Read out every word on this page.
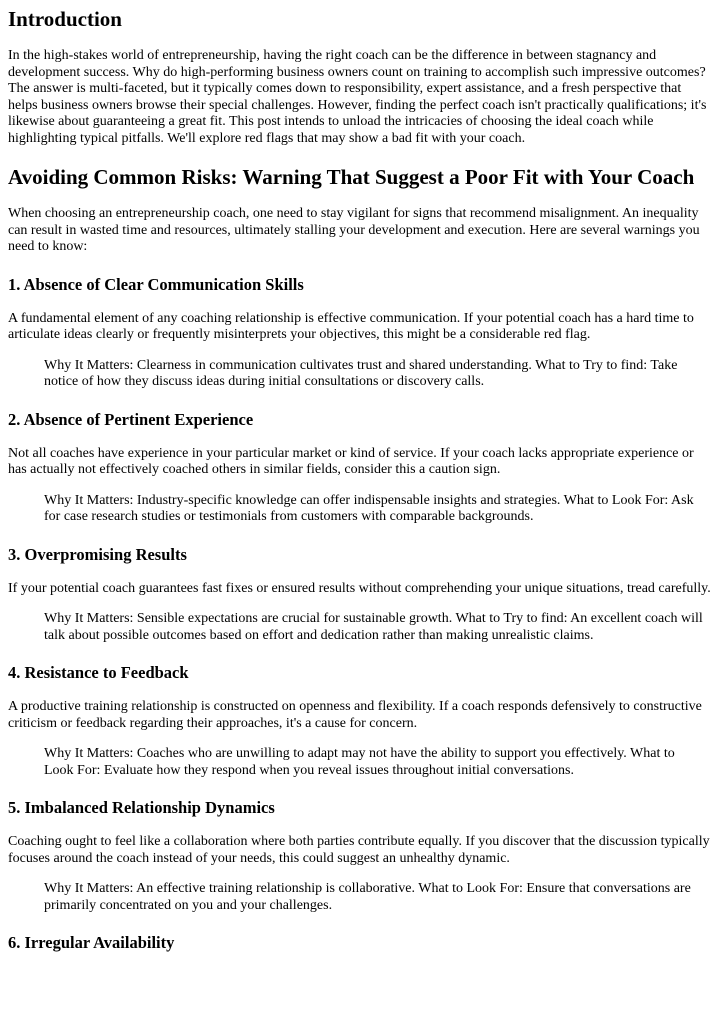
Introduction

In the high-stakes world of entrepreneurship, having the right coach can be the difference in between stagnancy and development success. Why do high-performing business owners count on training to accomplish such impressive outcomes? The answer is multi-faceted, but it typically comes down to responsibility, expert assistance, and a fresh perspective that helps business owners browse their special challenges. However, finding the perfect coach isn't practically qualifications; it's likewise about guaranteeing a great fit. This post intends to unload the intricacies of choosing the ideal coach while highlighting typical pitfalls. We'll explore red flags that may show a bad fit with your coach.

Avoiding Common Risks: Warning That Suggest a Poor Fit with Your Coach

When choosing an entrepreneurship coach, one need to stay vigilant for signs that recommend misalignment. An inequality can result in wasted time and resources, ultimately stalling your development and execution. Here are several warnings you need to know:

1. Absence of Clear Communication Skills

A fundamental element of any coaching relationship is effective communication. If your potential coach has a hard time to articulate ideas clearly or frequently misinterprets your objectives, this might be a considerable red flag.

Why It Matters: Clearness in communication cultivates trust and shared understanding. What to Try to find: Take notice of how they discuss ideas during initial consultations or discovery calls.
2. Absence of Pertinent Experience

Not all coaches have experience in your particular market or kind of service. If your coach lacks appropriate experience or has actually not effectively coached others in similar fields, consider this a caution sign.

Why It Matters: Industry-specific knowledge can offer indispensable insights and strategies. What to Look For: Ask for case research studies or testimonials from customers with comparable backgrounds.
3. Overpromising Results

If your potential coach guarantees fast fixes or ensured results without comprehending your unique situations, tread carefully.

Why It Matters: Sensible expectations are crucial for sustainable growth. What to Try to find: An excellent coach will talk about possible outcomes based on effort and dedication rather than making unrealistic claims.
4. Resistance to Feedback

A productive training relationship is constructed on openness and flexibility. If a coach responds defensively to constructive criticism or feedback regarding their approaches, it's a cause for concern.

Why It Matters: Coaches who are unwilling to adapt may not have the ability to support you effectively. What to Look For: Evaluate how they respond when you reveal issues throughout initial conversations.
5. Imbalanced Relationship Dynamics

Coaching ought to feel like a collaboration where both parties contribute equally. If you discover that the discussion typically focuses around the coach instead of your needs, this could suggest an unhealthy dynamic.

Why It Matters: An effective training relationship is collaborative. What to Look For: Ensure that conversations are primarily concentrated on you and your challenges.
6. Irregular Availability
